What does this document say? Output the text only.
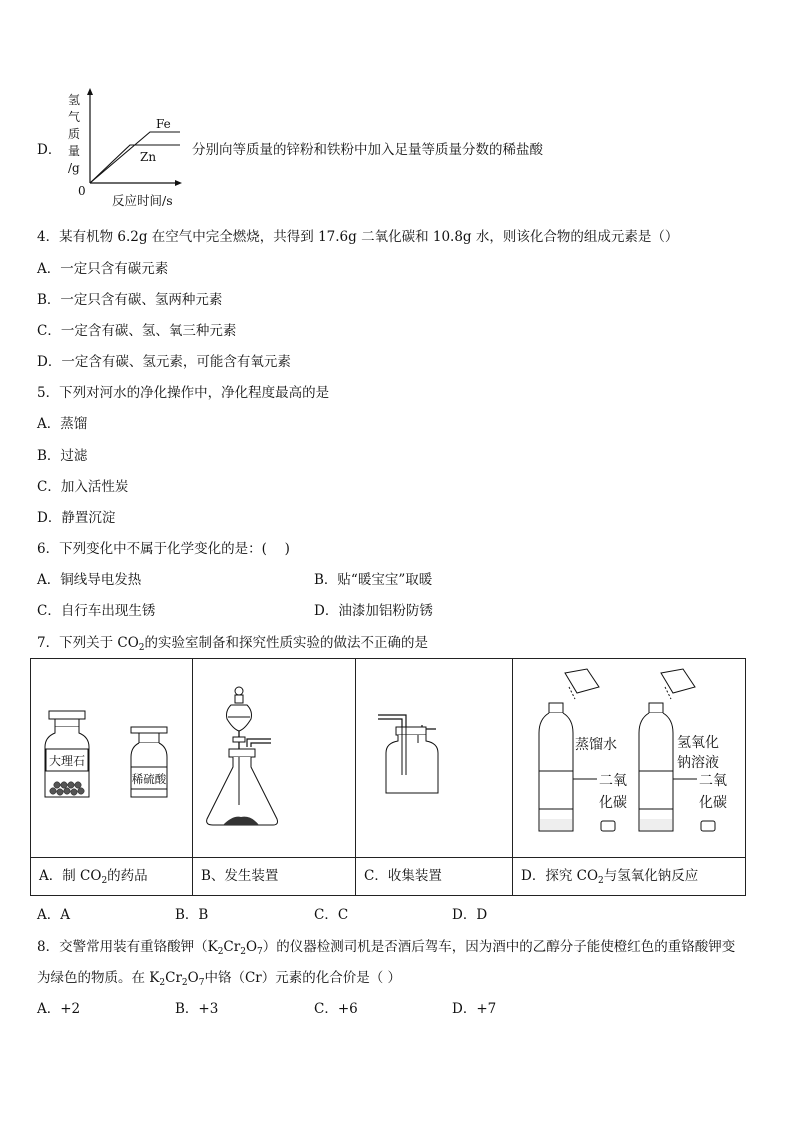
D．
氢
气
质
量
/g
0
反应时间/s
Fe
Zn	分别向等质量的锌粉和铁粉中加入足量等质量分数的稀盐酸
4．某有机物 6.2g 在空气中完全燃烧，共得到 17.6g 二氧化碳和 10.8g 水，则该化合物的组成元素是（）
A．一定只含有碳元素
B．一定只含有碳、氢两种元素
C．一定含有碳、氢、氧三种元素
D．一定含有碳、氢元素，可能含有氧元素
5．下列对河水的净化操作中，净化程度最高的是
A．蒸馏
B．过滤
C．加入活性炭
D．静置沉淀
6．下列变化中不属于化学变化的是：(　 )
A．铜线导电发热	B．贴“暖宝宝”取暖
C．自行车出现生锈	D．油漆加铝粉防锈
7．下列关于 $CO_2$的实验室制备和探究性质实验的做法不正确的是
大理石
稀硫酸
蒸馏水
二氧
化碳
氢氧化
钠溶液
二氧
化碳
A．制 $CO_2$的药品	B、发生装置	C．收集装置	D．探究 $CO_2$与氢氧化钠反应
A．A	B．B	C．C	D．D
8．交警常用装有重铬酸钾$(K_2Cr_2O_7)$的仪器检测司机是否酒后驾车，因为酒中的乙醇分子能使橙红色的重铬酸钾变
为绿色的物质。在 $K_2Cr_2O_7$中铬（Cr）元素的化合价是（ ）
A．+2	B．+3	C．+6	D．+7
